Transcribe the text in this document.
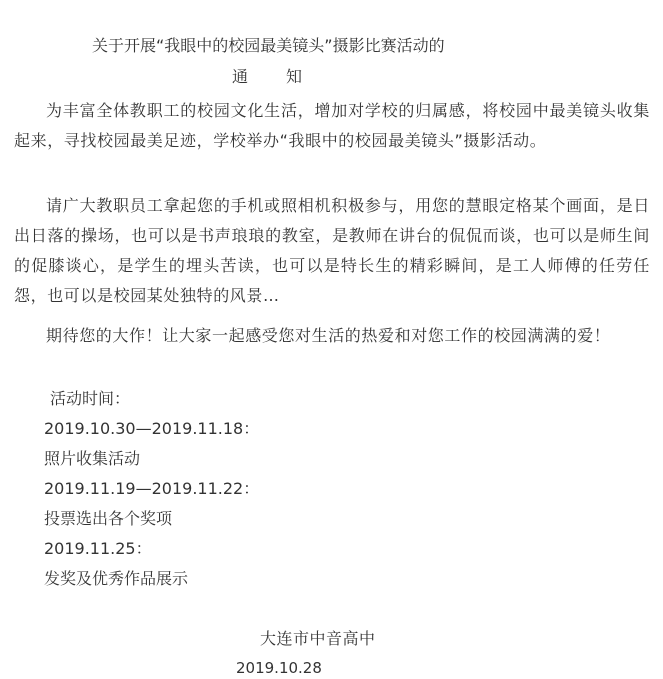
关于开展“我眼中的校园最美镜头”摄影比赛活动的
通 知

为丰富全体教职工的校园文化生活，增加对学校的归属感，将校园中最美镜头收集起来，寻找校园最美足迹，学校举办“我眼中的校园最美镜头”摄影活动。

请广大教职员工拿起您的手机或照相机积极参与，用您的慧眼定格某个画面，是日出日落的操场，也可以是书声琅琅的教室，是教师在讲台的侃侃而谈，也可以是师生间的促膝谈心，是学生的埋头苦读，也可以是特长生的精彩瞬间，是工人师傅的任劳任怨，也可以是校园某处独特的风景…

期待您的大作！让大家一起感受您对生活的热爱和对您工作的校园满满的爱！

活动时间：
2019.10.30—2019.11.18：
照片收集活动
2019.11.19—2019.11.22：
投票选出各个奖项
2019.11.25：
发奖及优秀作品展示
大连市中音高中
2019.10.28
